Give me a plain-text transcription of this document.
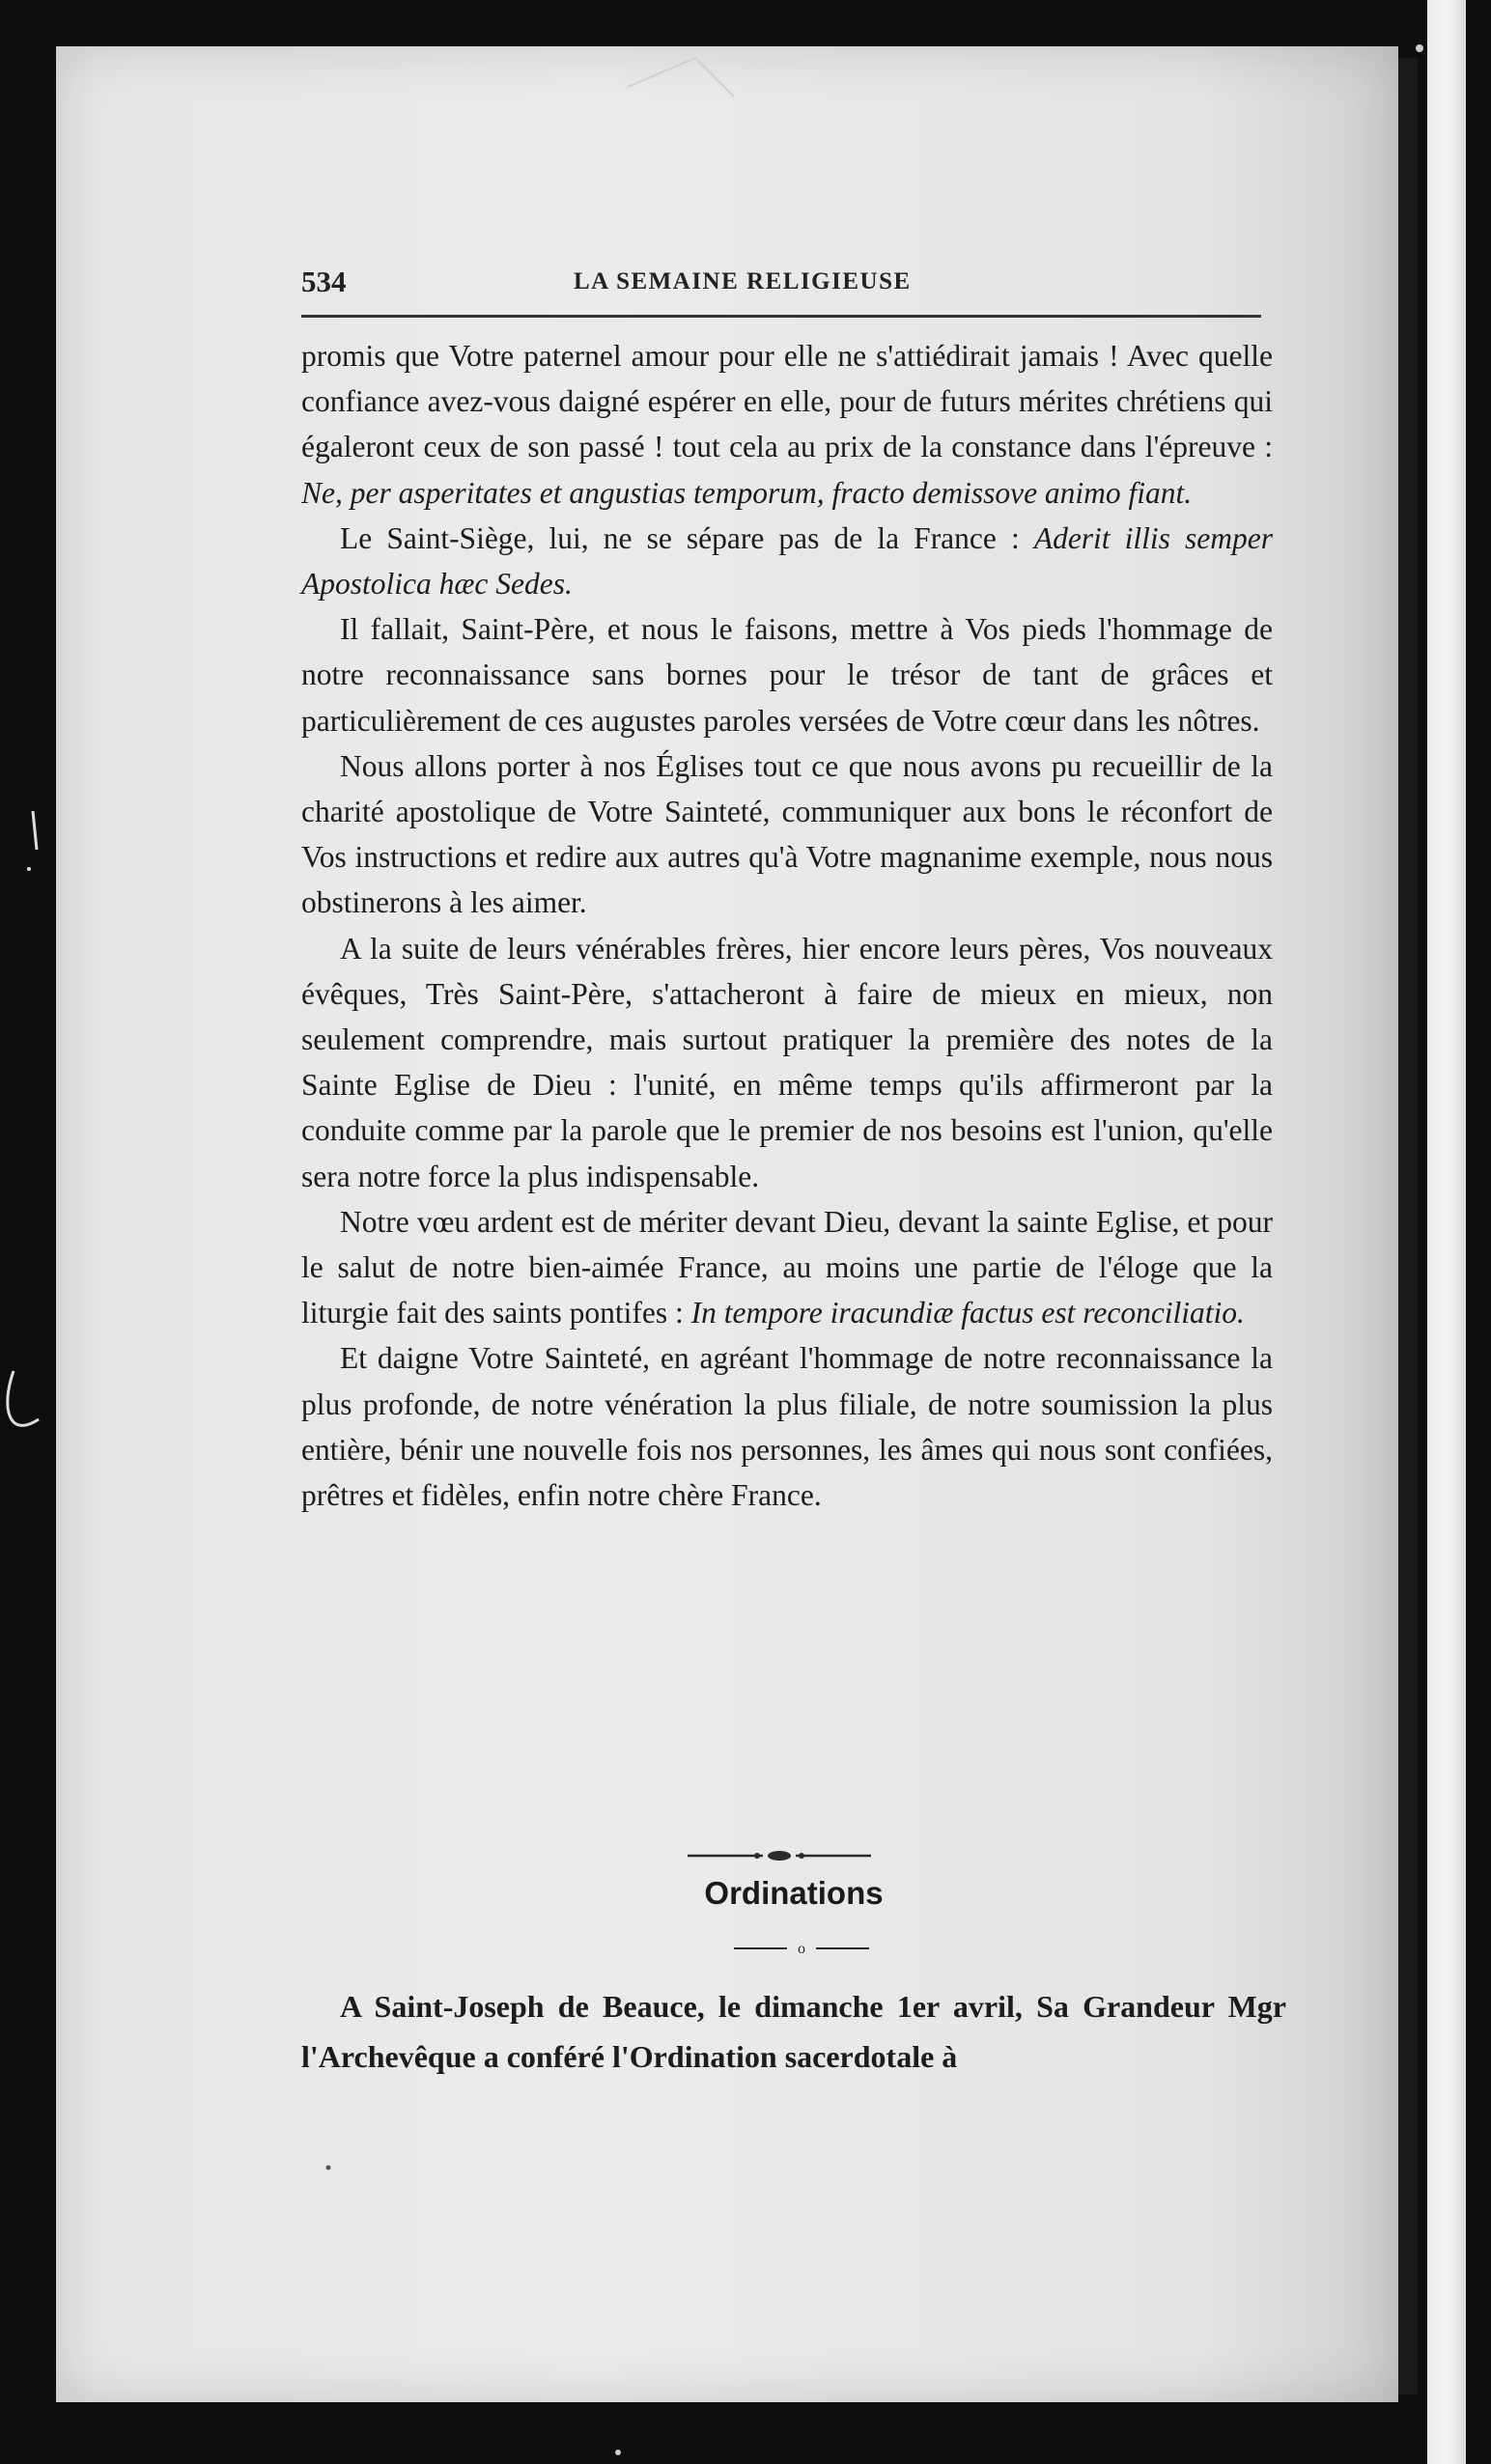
534	LA SEMAINE RELIGIEUSE

promis que Votre paternel amour pour elle ne s'attiédirait jamais ! Avec quelle confiance avez-vous daigné espérer en elle, pour de futurs mérites chrétiens qui égaleront ceux de son passé ! tout cela au prix de la constance dans l'épreuve : Ne, per asperitates et angustias temporum, fracto demissove animo fiant.

Le Saint-Siège, lui, ne se sépare pas de la France : Aderit illis semper Apostolica hæc Sedes.

Il fallait, Saint-Père, et nous le faisons, mettre à Vos pieds l'hommage de notre reconnaissance sans bornes pour le trésor de tant de grâces et particulièrement de ces augustes paroles versées de Votre cœur dans les nôtres.

Nous allons porter à nos Églises tout ce que nous avons pu recueillir de la charité apostolique de Votre Sainteté, communiquer aux bons le réconfort de Vos instructions et redire aux autres qu'à Votre magnanime exemple, nous nous obstinerons à les aimer.

A la suite de leurs vénérables frères, hier encore leurs pères, Vos nouveaux évêques, Très Saint-Père, s'attacheront à faire de mieux en mieux, non seulement comprendre, mais surtout pratiquer la première des notes de la Sainte Eglise de Dieu : l'unité, en même temps qu'ils affirmeront par la conduite comme par la parole que le premier de nos besoins est l'union, qu'elle sera notre force la plus indispensable.

Notre vœu ardent est de mériter devant Dieu, devant la sainte Eglise, et pour le salut de notre bien-aimée France, au moins une partie de l'éloge que la liturgie fait des saints pontifes : In tempore iracundiæ factus est reconciliatio.

Et daigne Votre Sainteté, en agréant l'hommage de notre reconnaissance la plus profonde, de notre vénération la plus filiale, de notre soumission la plus entière, bénir une nouvelle fois nos personnes, les âmes qui nous sont confiées, prêtres et fidèles, enfin notre chère France.

Ordinations
o

A Saint-Joseph de Beauce, le dimanche 1er avril, Sa Grandeur Mgr l'Archevêque a conféré l'Ordination sacerdotale à
